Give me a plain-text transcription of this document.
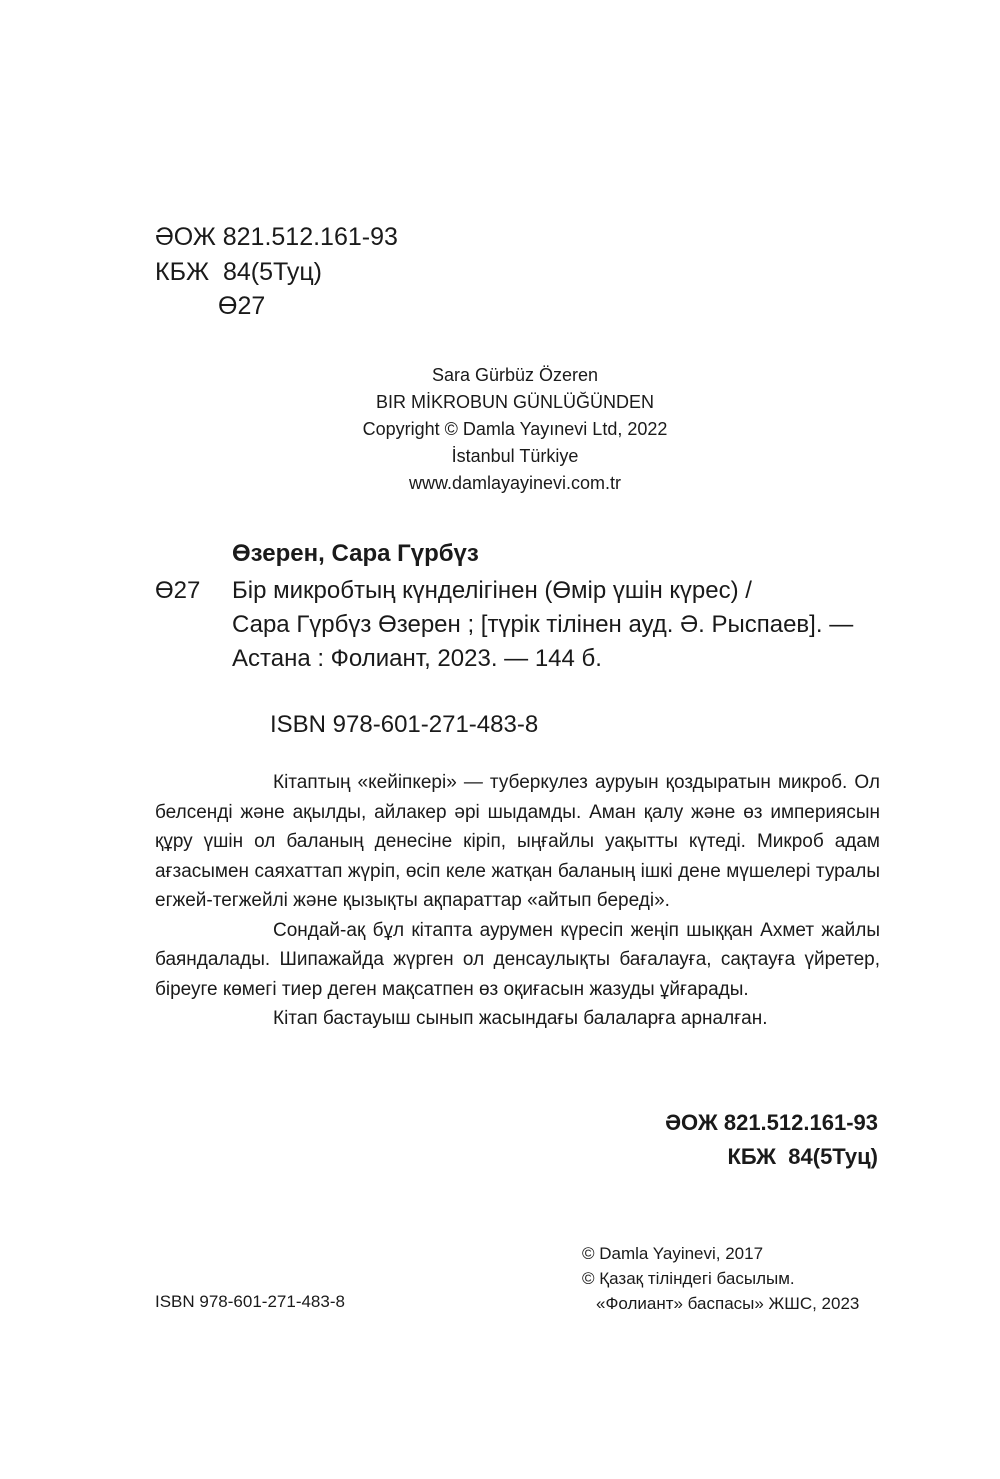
ӘОЖ 821.512.161-93
КБЖ  84(5Туц)
Ө27
Sara Gürbüz Özeren
BIR MİKROBUN GÜNLÜĞÜNDEN
Copyright © Damla Yayınevi Ltd, 2022
İstanbul Türkiye
www.damlayayinevi.com.tr
Өзерен, Сара Гүрбүз
Ө27 Бір микробтың күнделігінен (Өмір үшін күрес) /
Сара Гүрбүз Өзерен ; [түрік тілінен ауд. Ә. Рыспаев]. —
Астана : Фолиант, 2023. — 144 б.
ISBN 978-601-271-483-8

Кітаптың «кейіпкері» — туберкулез ауруын қоздыратын микроб. Ол белсенді және ақылды, айлакер әрі шыдамды. Аман қалу және өз империясын құру үшін ол баланың денесіне кіріп, ыңғайлы уақытты күтеді. Микроб адам ағзасымен саяхаттап жүріп, өсіп келе жатқан баланың ішкі дене мүшелері туралы егжей-тегжейлі және қызықты ақпараттар «айтып береді».

Сондай-ақ бұл кітапта аурумен күресіп жеңіп шыққан Ахмет жайлы баяндалады. Шипажайда жүрген ол денсаулықты бағалауға, сақтауға үйретер, біреуге көмегі тиер деген мақсатпен өз оқиғасын жазуды ұйғарады.

Кітап бастауыш сынып жасындағы балаларға арналған.

ӘОЖ 821.512.161-93
КБЖ  84(5Туц)
ISBN 978-601-271-483-8
© Damla Yayinevi, 2017
© Қазақ тіліндегі басылым.
«Фолиант» баспасы» ЖШС, 2023
